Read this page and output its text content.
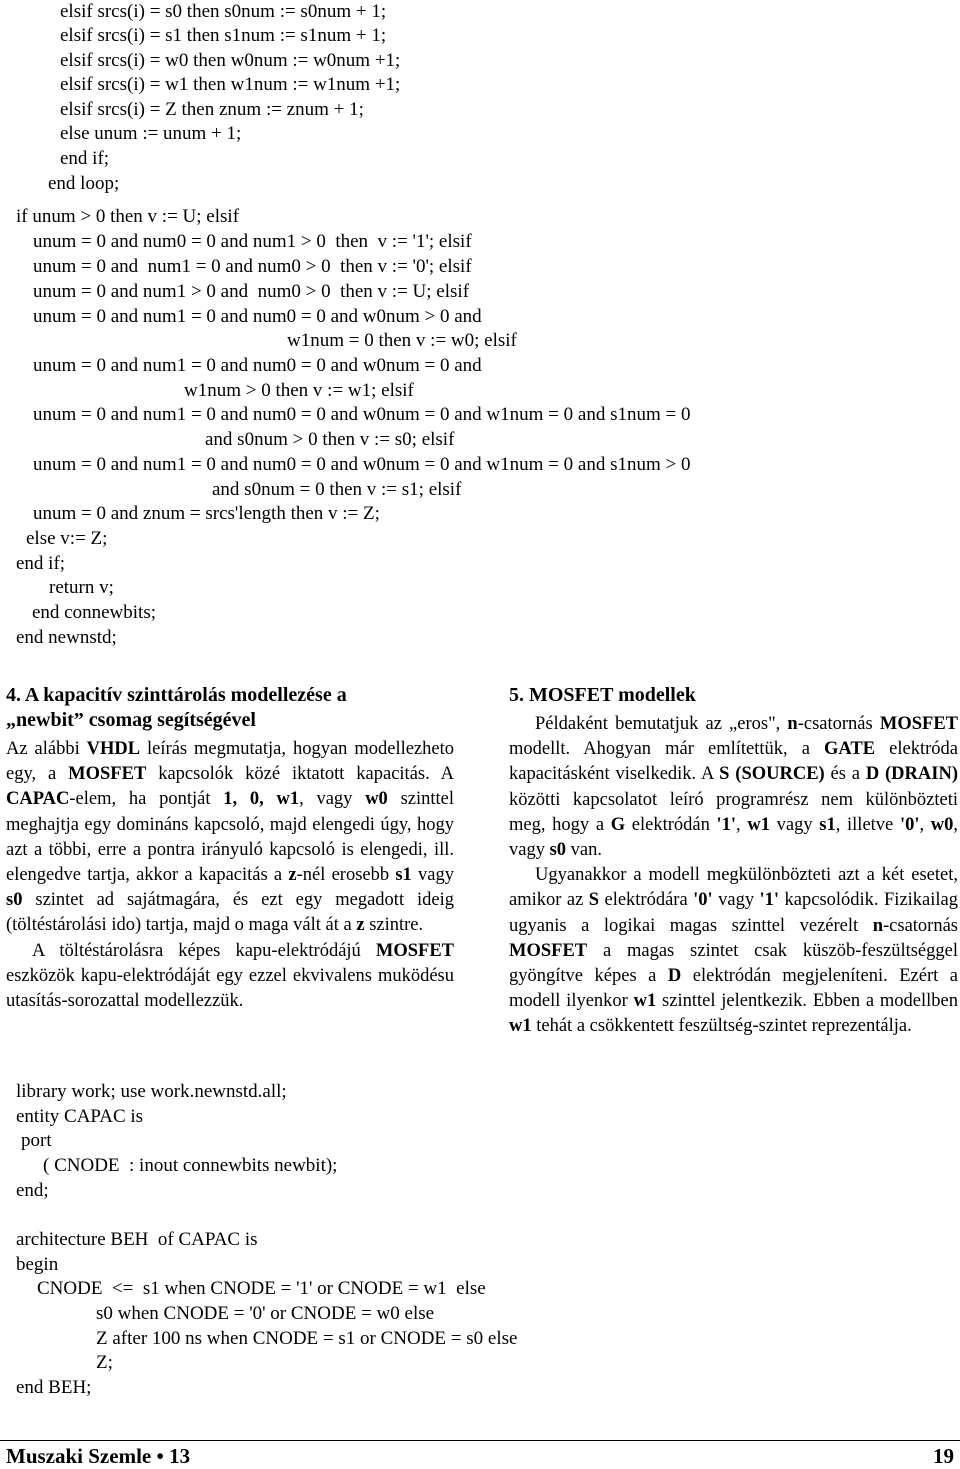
elsif srcs(i) = s0 then s0num := s0num + 1;
elsif srcs(i) = s1 then s1num := s1num + 1;
elsif srcs(i) = w0 then w0num := w0num +1;
elsif srcs(i) = w1 then w1num := w1num +1;
elsif srcs(i) = Z then znum := znum + 1;
else unum := unum + 1;
end if;
end loop;
if unum > 0 then v := U; elsif
unum = 0 and num0 = 0 and num1 > 0  then  v := '1'; elsif
unum = 0 and  num1 = 0 and num0 > 0  then v := '0'; elsif
unum = 0 and num1 > 0 and  num0 > 0  then v := U; elsif
unum = 0 and num1 = 0 and num0 = 0 and w0num > 0 and
w1num = 0 then v := w0; elsif
unum = 0 and num1 = 0 and num0 = 0 and w0num = 0 and
w1num > 0 then v := w1; elsif
unum = 0 and num1 = 0 and num0 = 0 and w0num = 0 and w1num = 0 and s1num = 0
and s0num > 0 then v := s0; elsif
unum = 0 and num1 = 0 and num0 = 0 and w0num = 0 and w1num = 0 and s1num > 0
and s0num = 0 then v := s1; elsif
unum = 0 and znum = srcs'length then v := Z;
else v:= Z;
end if;
return v;
end connewbits;
end newnstd;
4. A kapacitív szinttárolás modellezése a
„newbit” csomag segítségével

Az alábbi VHDL leírás megmutatja, hogyan modellezheto egy, a MOSFET kapcsolók közé iktatott kapacitás. A CAPAC-elem, ha pontját 1, 0, w1, vagy w0 szinttel meghajtja egy domináns kapcsoló, majd elengedi úgy, hogy azt a többi, erre a pontra irányuló kapcsoló is elengedi, ill. elengedve tartja, akkor a kapacitás a z-nél erosebb s1 vagy s0 szintet ad sajátmagára, és ezt egy megadott ideig (töltéstárolási ido) tartja, majd o maga vált át a z szintre.

A töltéstárolásra képes kapu-elektródájú MOSFET eszközök kapu-elektródáját egy ezzel ekvivalens muködésu utasítás-sorozattal modellezzük.

5. MOSFET modellek

Példaként bemutatjuk az „eros", n-csatornás MOSFET modellt. Ahogyan már említettük, a GATE elektróda kapacitásként viselkedik. A S (SOURCE) és a D (DRAIN) közötti kapcsolatot leíró programrész nem különbözteti meg, hogy a G elektródán '1', w1 vagy s1, illetve '0', w0, vagy s0 van.

Ugyanakkor a modell megkülönbözteti azt a két esetet, amikor az S elektródára '0' vagy '1' kapcsolódik. Fizikailag ugyanis a logikai magas szinttel vezérelt n-csatornás MOSFET a magas szintet csak küszöb-feszültséggel gyöngítve képes a D elektródán megjeleníteni. Ezért a modell ilyenkor w1 szinttel jelentkezik. Ebben a modellben w1 tehát a csökkentett feszültség-szintet reprezentálja.

library work; use work.newnstd.all;
entity CAPAC is
port
( CNODE  : inout connewbits newbit);
end;
architecture BEH  of CAPAC is
begin
CNODE  <=  s1 when CNODE = '1' or CNODE = w1  else
s0 when CNODE = '0' or CNODE = w0 else
Z after 100 ns when CNODE = s1 or CNODE = s0 else
Z;
end BEH;
Muszaki Szemle • 13	19
